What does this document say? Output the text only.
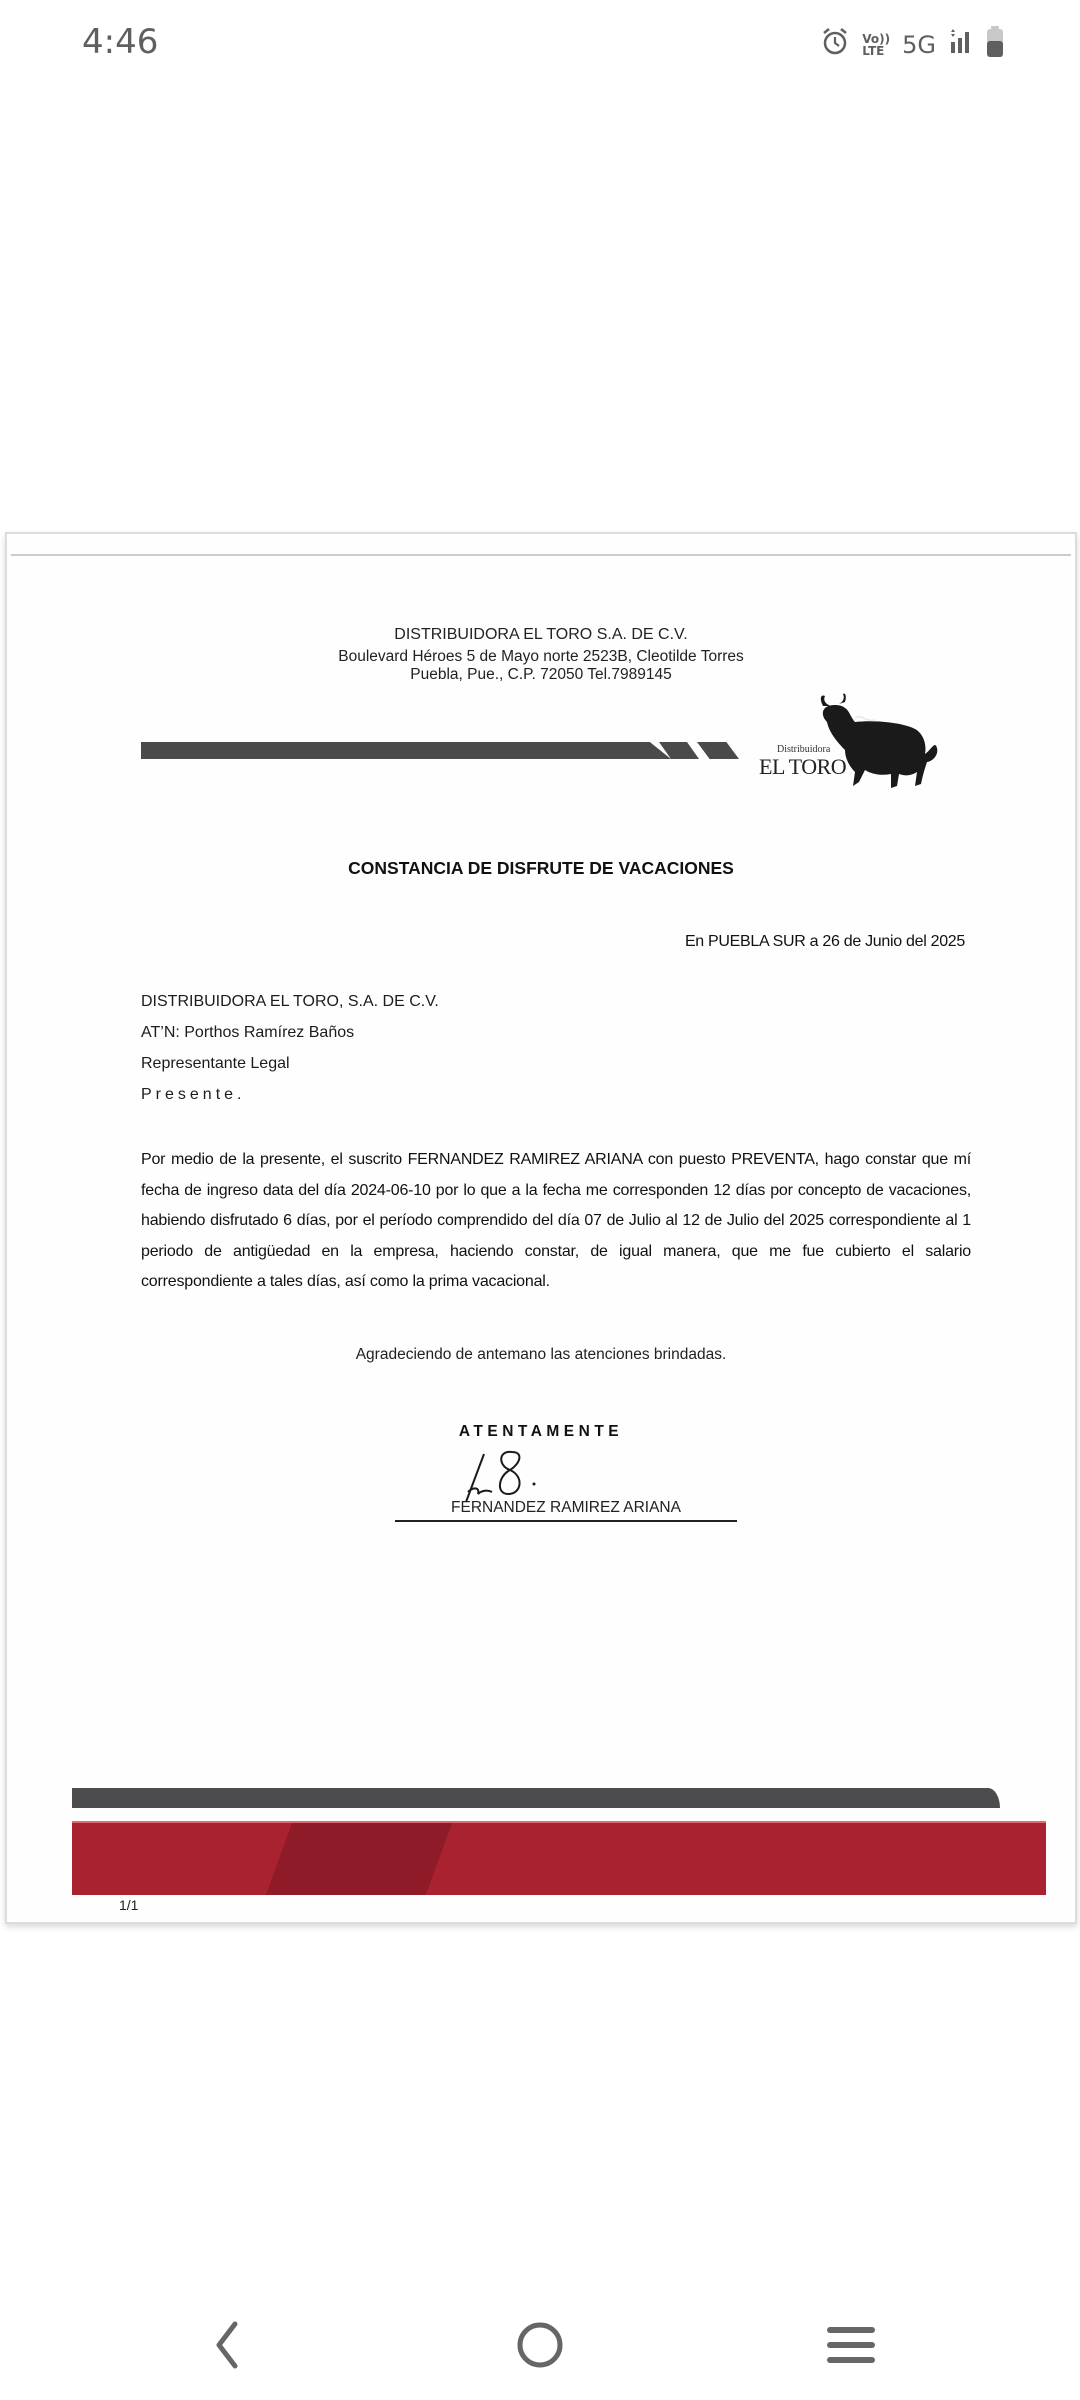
4:46	Vo))
LTE 5G
DISTRIBUIDORA EL TORO S.A. DE C.V.
Boulevard Héroes 5 de Mayo norte 2523B, Cleotilde Torres
Puebla, Pue., C.P. 72050 Tel.7989145
Distribuidora
EL TORO
CONSTANCIA DE DISFRUTE DE VACACIONES
En PUEBLA SUR a 26 de Junio del 2025
DISTRIBUIDORA EL TORO, S.A. DE C.V.
AT’N: Porthos Ramírez Baños
Representante Legal
Presente.
Por medio de la presente, el suscrito FERNANDEZ RAMIREZ ARIANA con puesto PREVENTA, hago constar que mí fecha de ingreso data del día 2024-06-10 por lo que a la fecha me corresponden 12 días por concepto de vacaciones, habiendo disfrutado 6 días, por el período comprendido del día 07 de Julio al 12 de Julio del 2025 correspondiente al 1 periodo de antigüedad en la empresa, haciendo constar, de igual manera, que me fue cubierto el salario correspondiente a tales días, así como la prima vacacional.
Agradeciendo de antemano las atenciones brindadas.
ATENTAMENTE
FERNANDEZ RAMIREZ ARIANA
1/1
